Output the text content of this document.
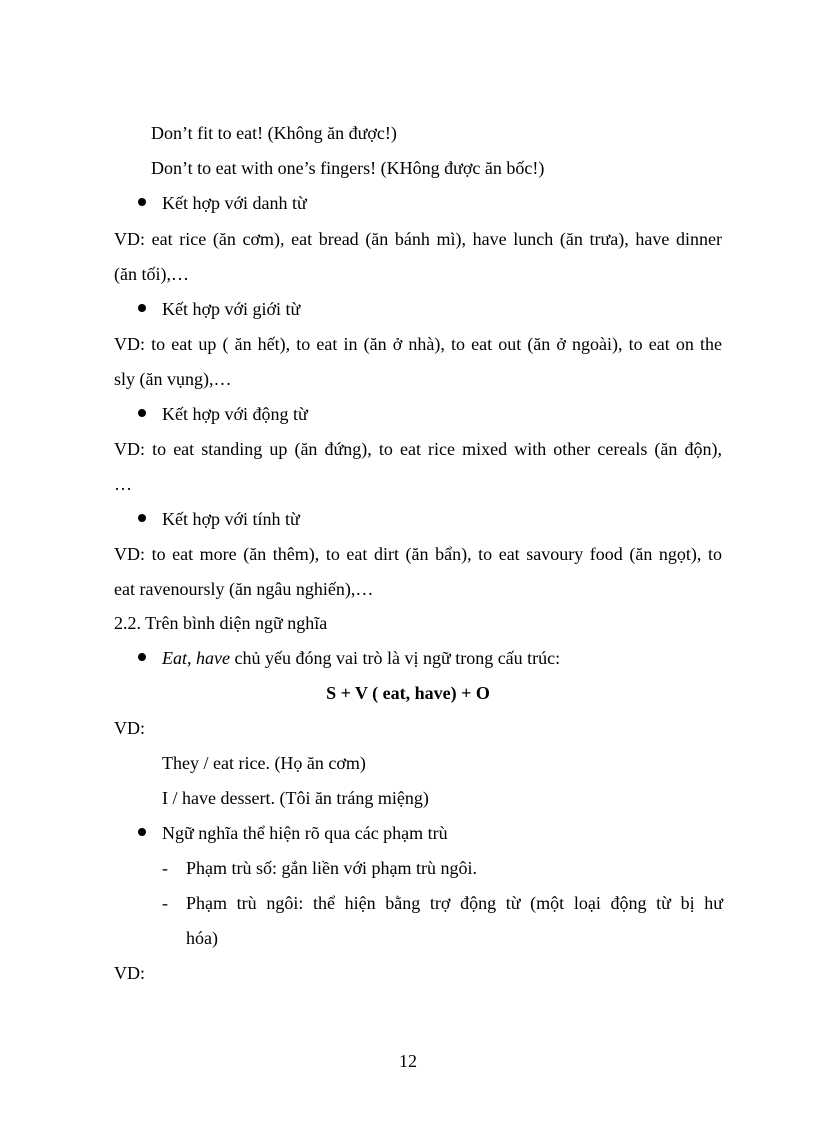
Don’t fit to eat! (Không ăn được!)
Don’t to eat with one’s fingers! (KHông được ăn bốc!)
Kết hợp với danh từ
VD: eat rice (ăn cơm), eat bread (ăn bánh mì), have lunch (ăn trưa), have dinner
(ăn tối),…
Kết hợp với giới từ
VD: to eat up ( ăn hết), to eat in (ăn ở nhà), to eat out (ăn ở ngoài), to eat on the
sly (ăn vụng),…
Kết hợp với động từ
VD: to eat standing up (ăn đứng), to eat rice mixed with other cereals (ăn độn),
…
Kết hợp với tính từ
VD: to eat more (ăn thêm), to eat dirt (ăn bẩn), to eat savoury food (ăn ngọt), to
eat ravenoursly (ăn ngâu nghiến),…
2.2. Trên bình diện ngữ nghĩa
Eat, have chủ yếu đóng vai trò là vị ngữ trong cấu trúc:
S + V ( eat, have) + O
VD:
They / eat rice. (Họ ăn cơm)
I / have dessert. (Tôi ăn tráng miệng)
Ngữ nghĩa thể hiện rõ qua các phạm trù
- Phạm trù số: gắn liền với phạm trù ngôi.
- Phạm trù ngôi: thể hiện bằng trợ động từ (một loại động từ bị hư
hóa)
VD:
12
